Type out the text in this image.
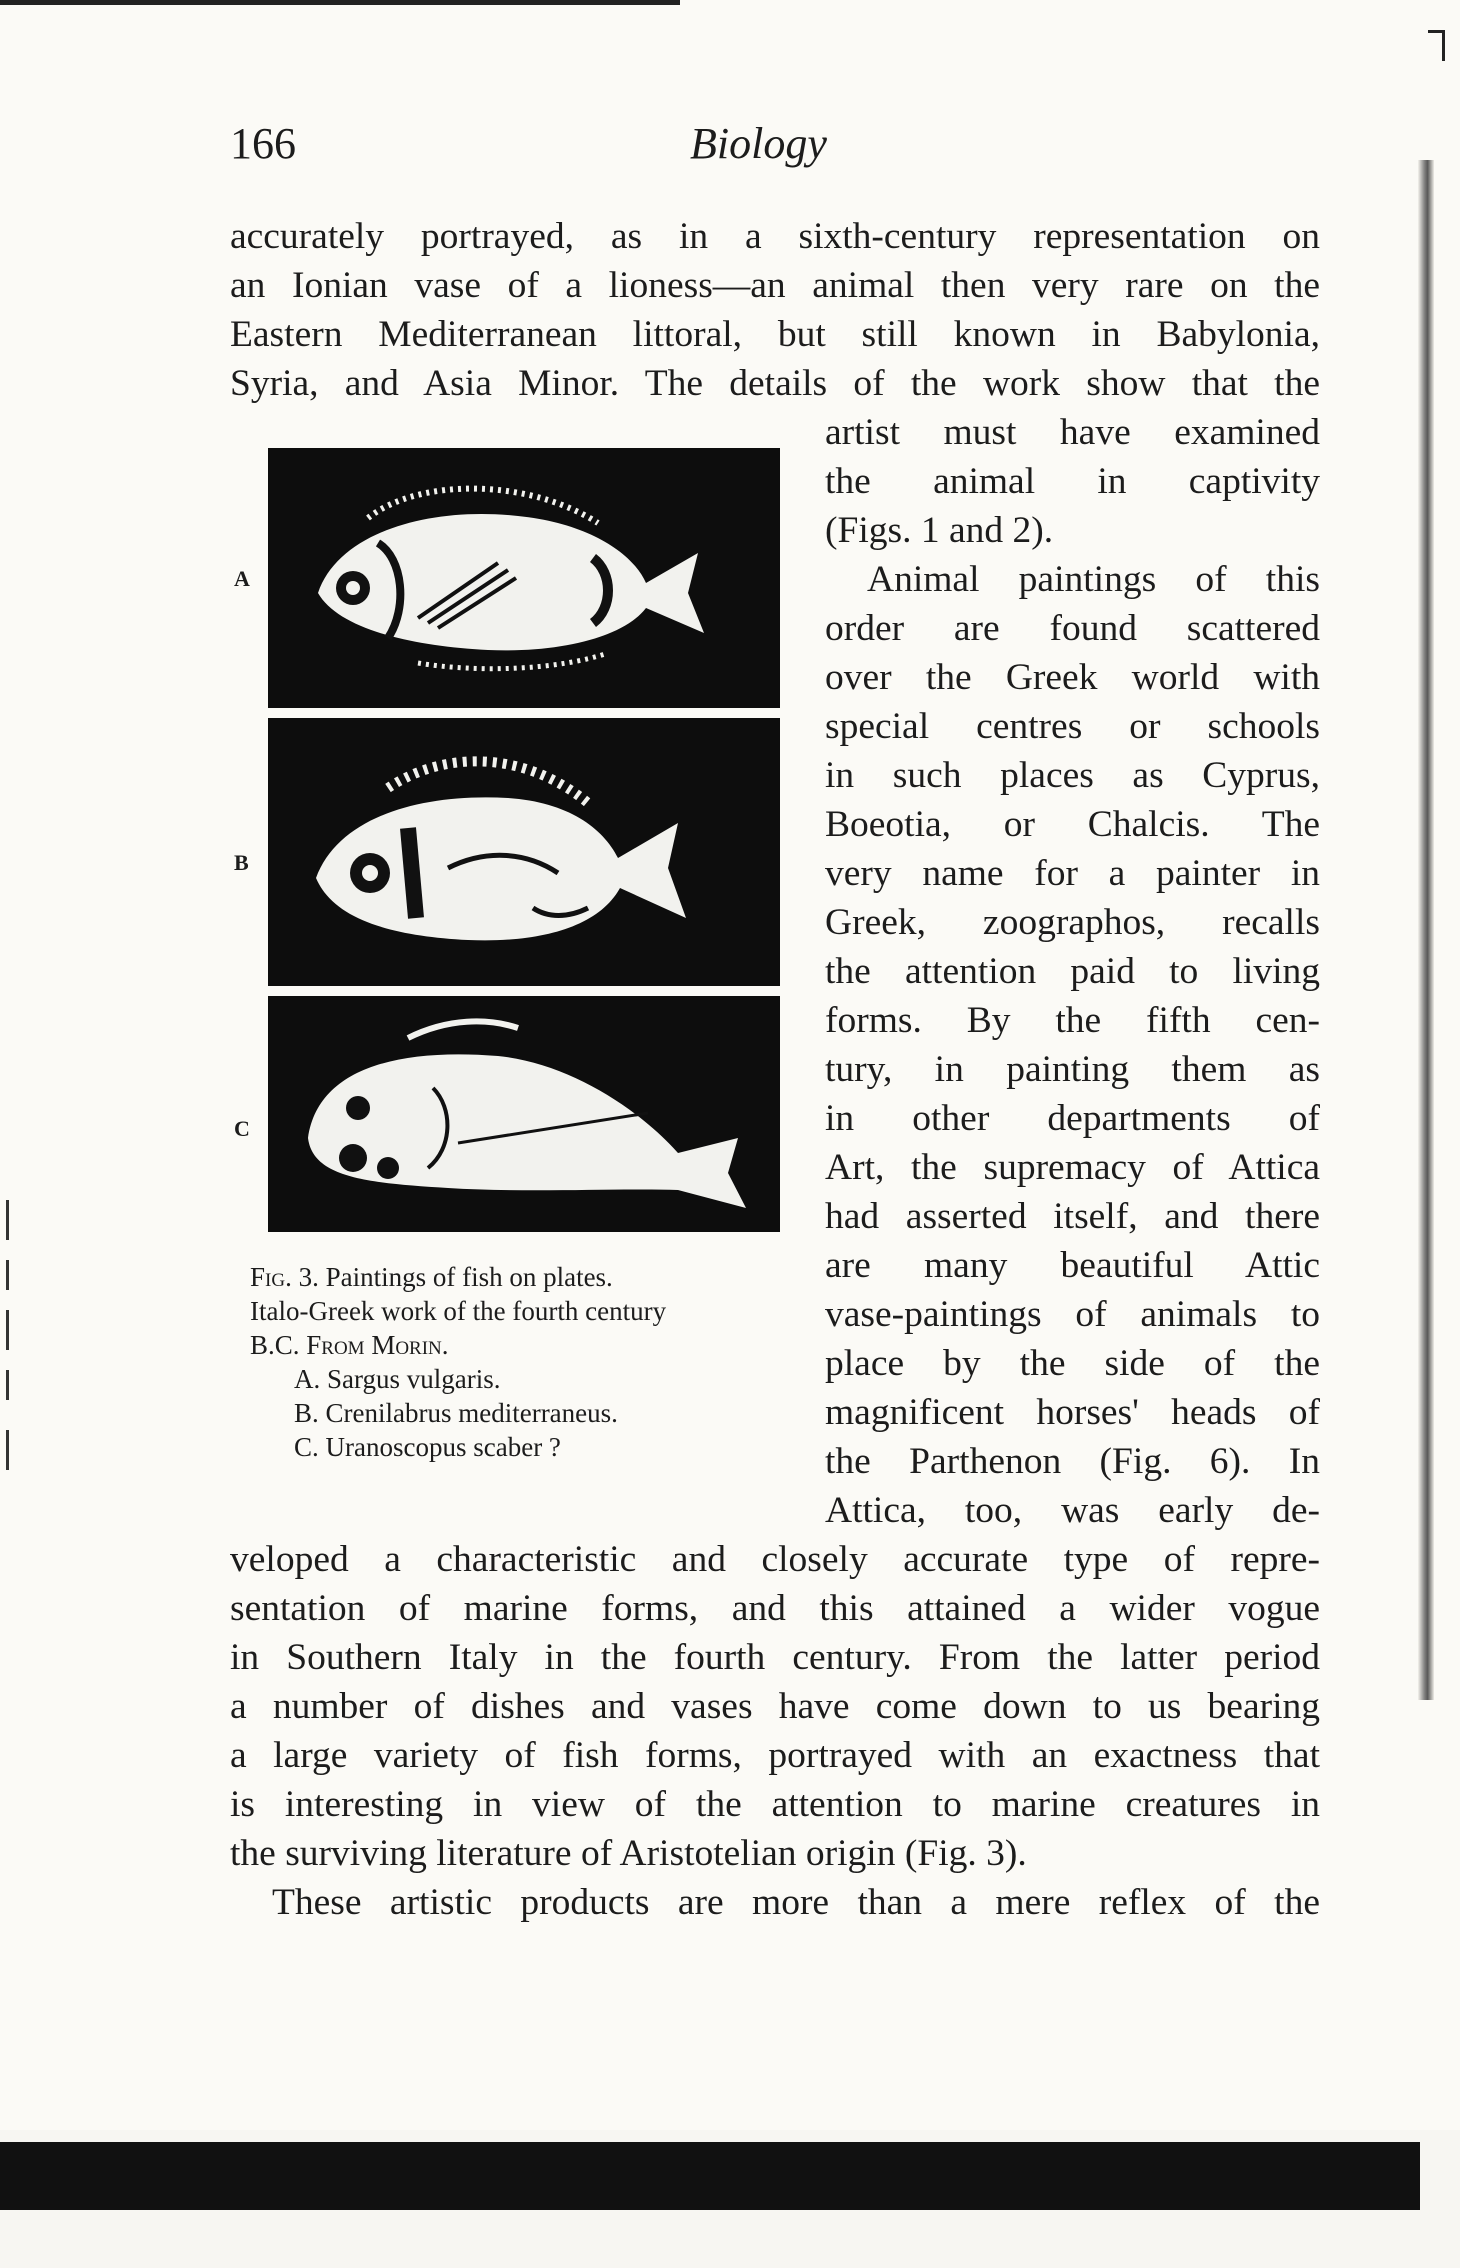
166	Biology
accurately portrayed, as in a sixth-century representation on
an Ionian vase of a lioness—an animal then very rare on the
Eastern Mediterranean littoral, but still known in Babylonia,
Syria, and Asia Minor. The details of the work show that the
artist must have examined
the animal in captivity
(Figs. 1 and 2).
Animal paintings of this
order are found scattered
over the Greek world with
special centres or schools
in such places as Cyprus,
Boeotia, or Chalcis. The
very name for a painter in
Greek, zoographos, recalls
the attention paid to living
forms. By the fifth cen-
tury, in painting them as
in other departments of
Art, the supremacy of Attica
had asserted itself, and there
are many beautiful Attic
vase-paintings of animals to
place by the side of the
magnificent horses' heads of
the Parthenon (Fig. 6). In
Attica, too, was early de-
veloped a characteristic and closely accurate type of repre-
sentation of marine forms, and this attained a wider vogue
in Southern Italy in the fourth century. From the latter period
a number of dishes and vases have come down to us bearing
a large variety of fish forms, portrayed with an exactness that
is interesting in view of the attention to marine creatures in
the surviving literature of Aristotelian origin (Fig. 3).
These artistic products are more than a mere reflex of the
A
B
C
Fig. 3. Paintings of fish on plates.
Italo-Greek work of the fourth century
B.C. From Morin.
A. Sargus vulgaris.
B. Crenilabrus mediterraneus.
C. Uranoscopus scaber ?
